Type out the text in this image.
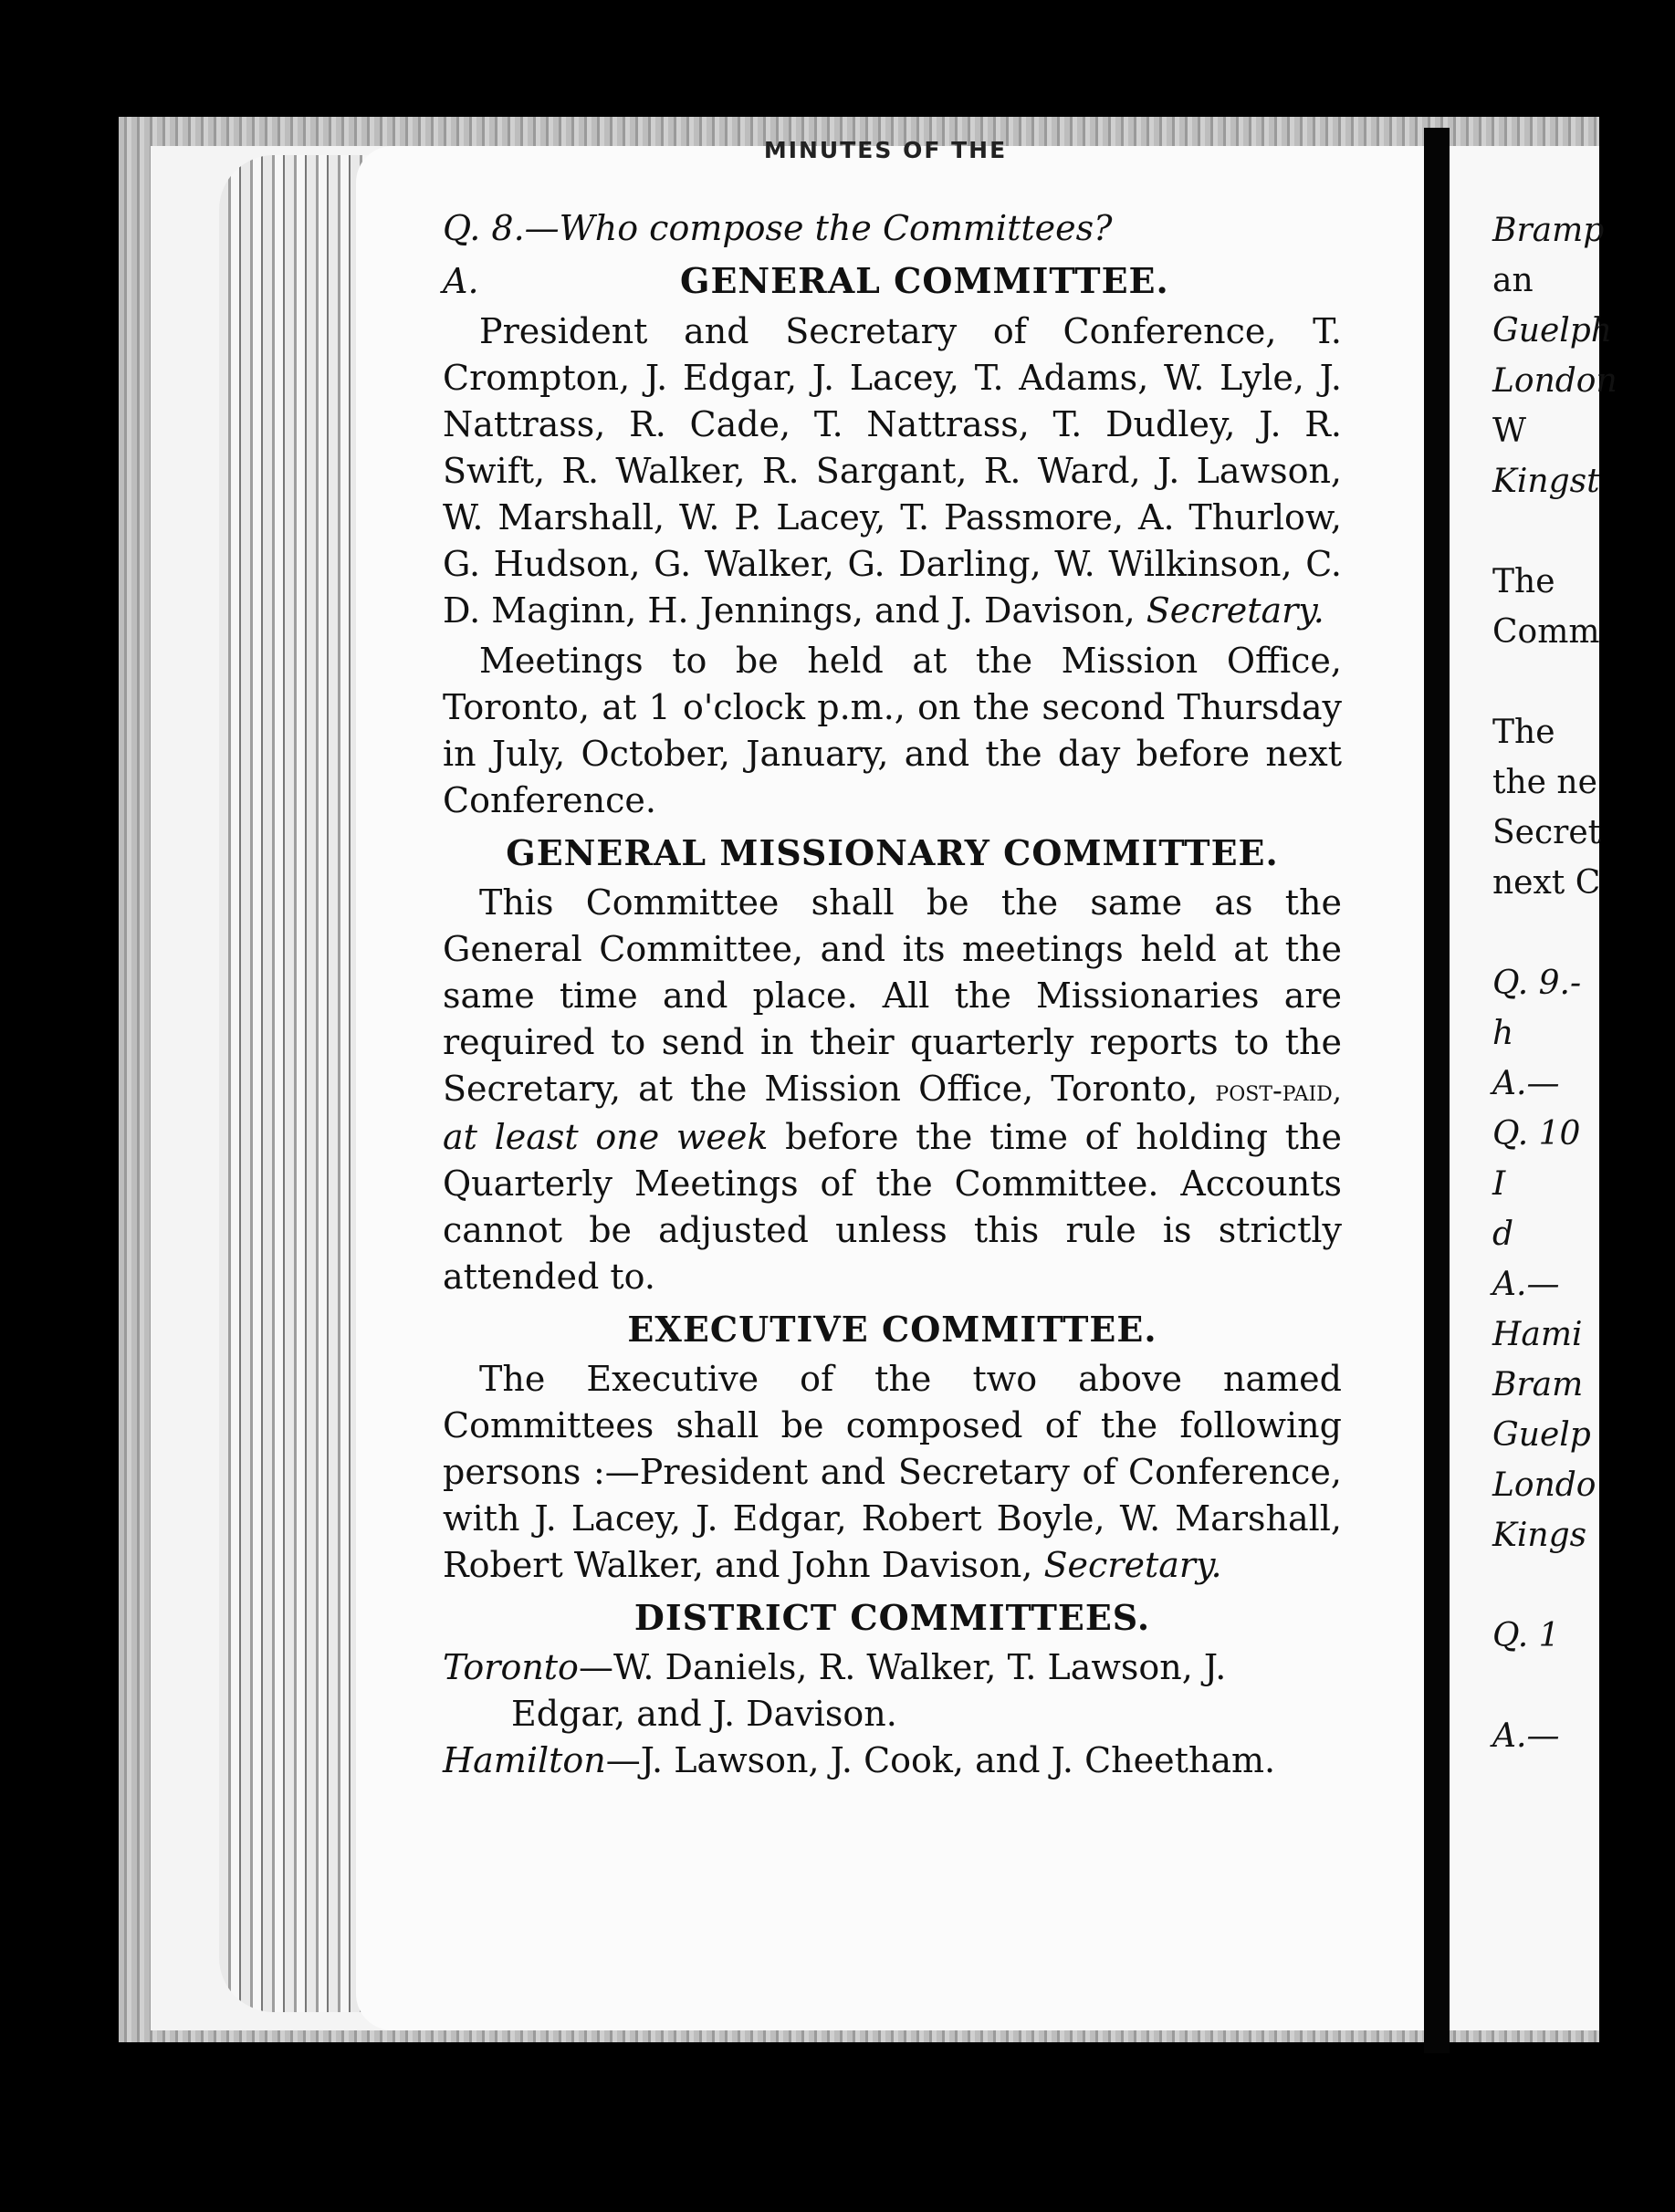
MINUTES OF THE

Q. 8.—Who compose the Committees?

A.	GENERAL COMMITTEE.

President and Secretary of Conference, T. Crompton, J. Edgar, J. Lacey, T. Adams, W. Lyle, J. Nattrass, R. Cade, T. Nattrass, T. Dudley, J. R. Swift, R. Walker, R. Sargant, R. Ward, J. Lawson, W. Marshall, W. P. Lacey, T. Passmore, A. Thurlow, G. Hudson, G. Walker, G. Darling, W. Wilkinson, C. D. Maginn, H. Jennings, and J. Davison, Secretary.

Meetings to be held at the Mission Office, Toronto, at 1 o'clock p.m., on the second Thursday in July, October, January, and the day before next Conference.

GENERAL MISSIONARY COMMITTEE.

This Committee shall be the same as the General Committee, and its meetings held at the same time and place. All the Missionaries are required to send in their quarterly reports to the Secretary, at the Mission Office, Toronto, post-paid, at least one week before the time of holding the Quarterly Meetings of the Committee. Accounts cannot be adjusted unless this rule is strictly attended to.

EXECUTIVE COMMITTEE.

The Executive of the two above named Committees shall be composed of the following persons :—President and Secretary of Conference, with J. Lacey, J. Edgar, Robert Boyle, W. Marshall, Robert Walker, and John Davison, Secretary.

DISTRICT COMMITTEES.

Toronto—W. Daniels, R. Walker, T. Lawson, J. Edgar, and J. Davison.

Hamilton—J. Lawson, J. Cook, and J. Cheetham.

Bramp
an
Guelph
London
W
Kingst

The
Comm

The
the ne
Secret
next C

Q. 9.-
h
A.—
Q. 10
I
d
A.—
Hami
Bram
Guelp
Londo
Kings

Q. 1

A.—
